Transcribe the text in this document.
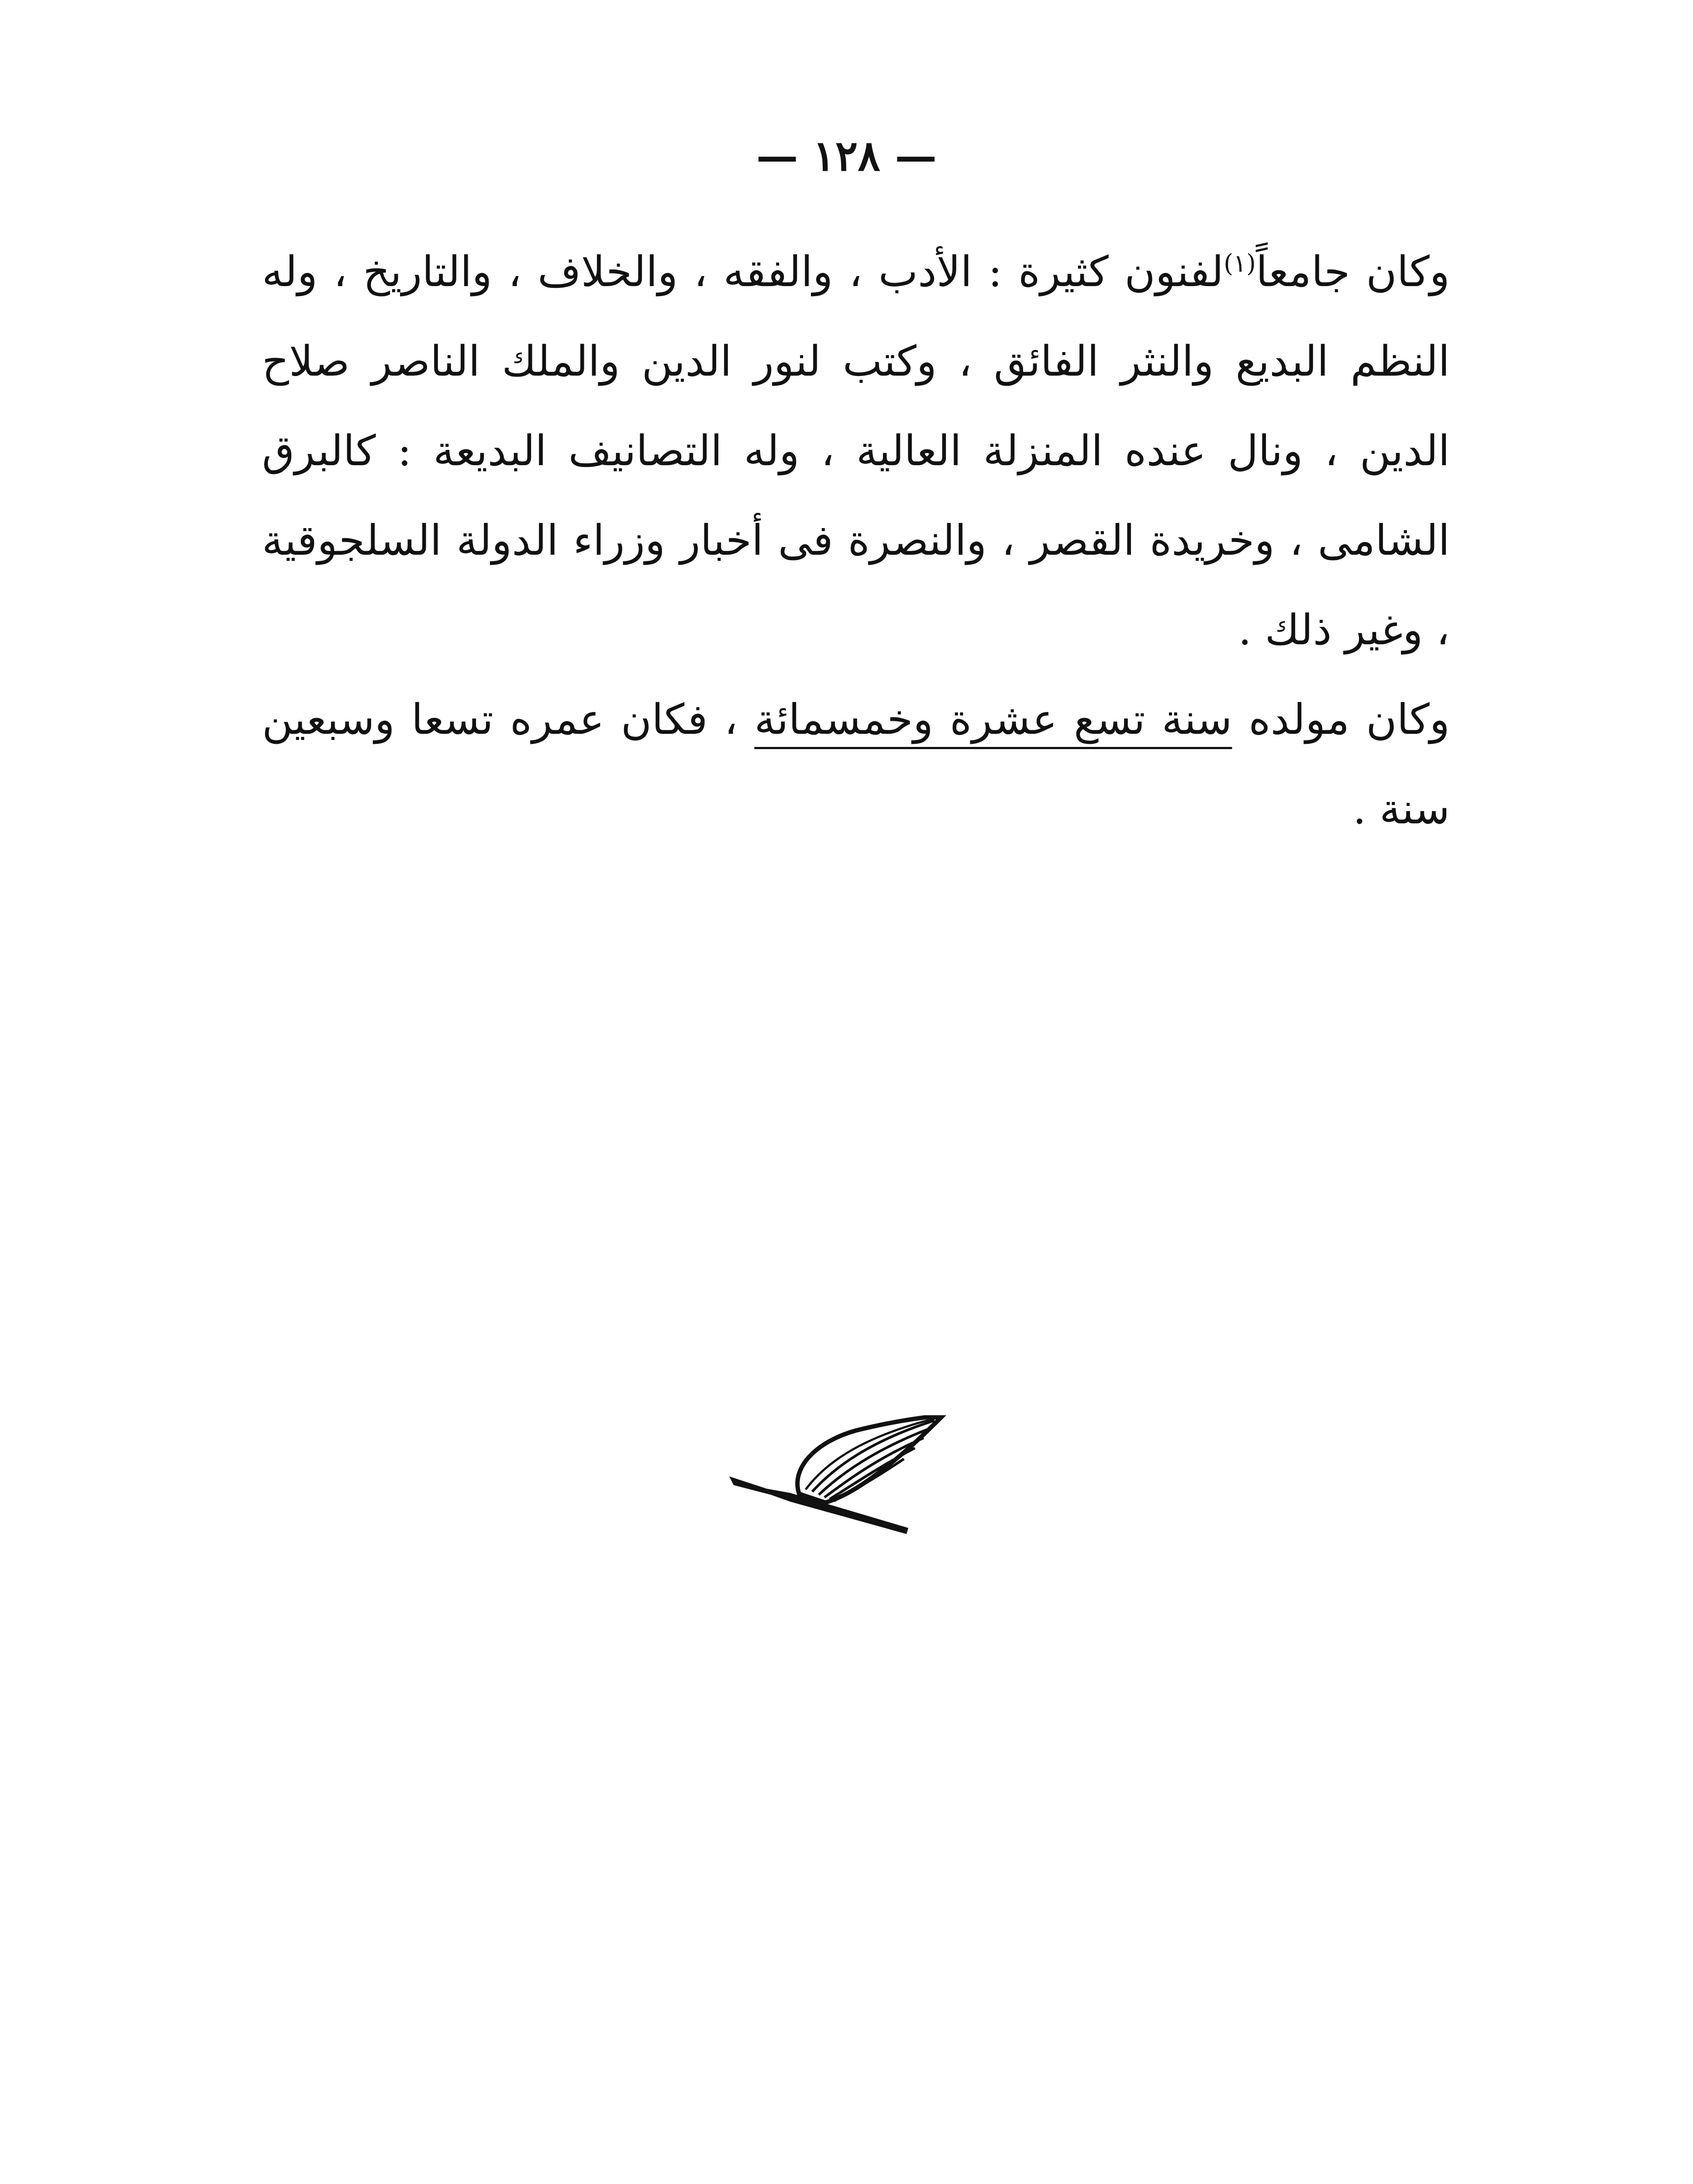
— ١٢٨ —

وكان جامعاً$^{(١)}$لفنون كثيرة : الأدب ، والفقه ، والخلاف ، والتاريخ ، وله النظم البديع والنثر الفائق ، وكتب لنور الدين والملك الناصر صلاح الدين ، ونال عنده المنزلة العالية ، وله التصانيف البديعة : كالبرق الشامى ، وخريدة القصر ، والنصرة فى أخبار وزراء الدولة السلجوقية ، وغير ذلك .

وكان مولده سنة تسع عشرة وخمسمائة ، فكان عمره تسعا وسبعين سنة .
